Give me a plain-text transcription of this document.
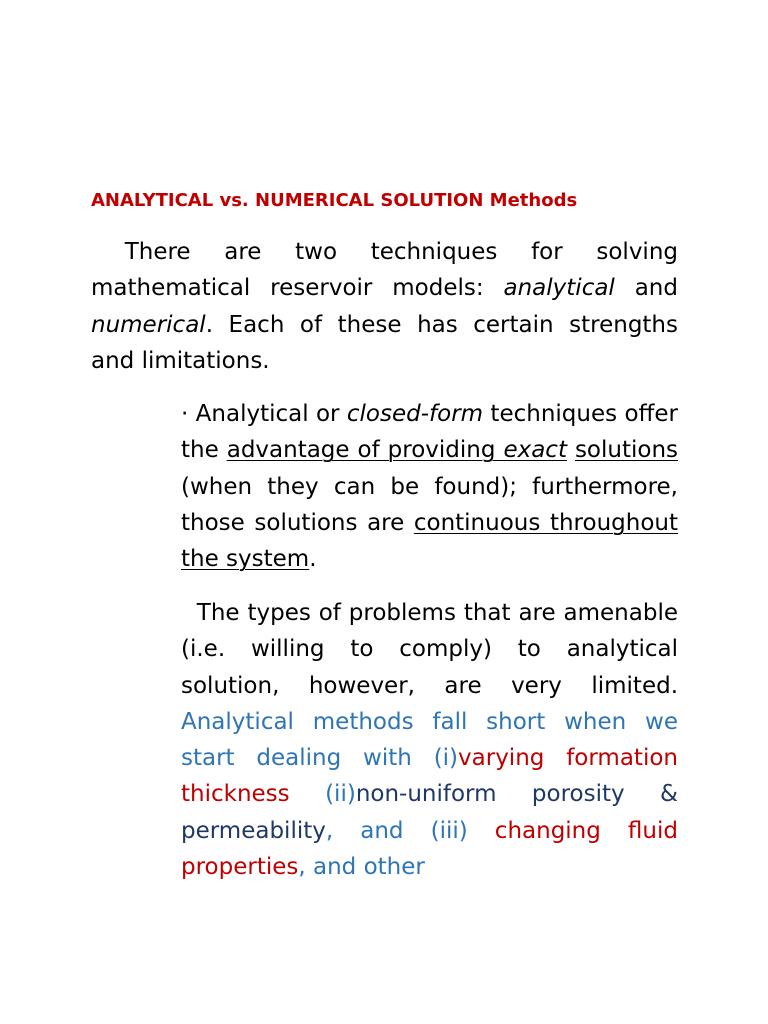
ANALYTICAL vs. NUMERICAL SOLUTION Methods
There are two techniques for solving mathematical reservoir models: analytical and numerical. Each of these has certain strengths and limitations.
· Analytical or closed-form techniques offer the advantage of providing exact solutions (when they can be found); furthermore, those solutions are continuous throughout the system.
The types of problems that are amenable (i.e. willing to comply) to analytical solution, however, are very limited. Analytical methods fall short when we start dealing with (i)varying formation thickness (ii)non-uniform porosity & permeability, and (iii) changing fluid properties, and other
